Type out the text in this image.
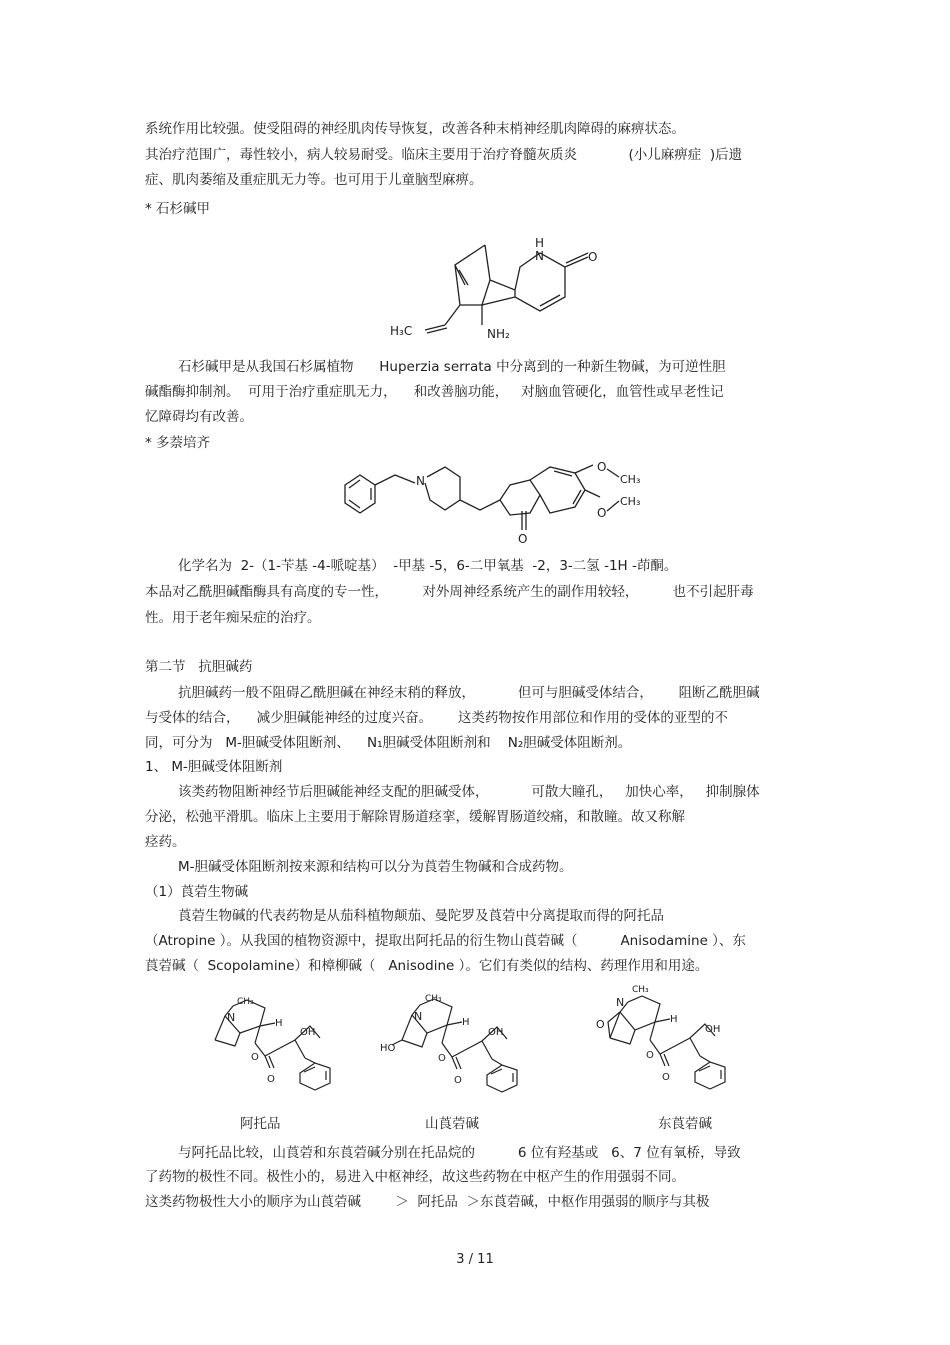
系统作用比较强。使受阻碍的神经肌肉传导恢复，改善各种末梢神经肌肉障碍的麻痹状态。
其治疗范围广，毒性较小，病人较易耐受。临床主要用于治疗脊髓灰质炎            (小儿麻痹症  )后遗
症、肌肉萎缩及重症肌无力等。也可用于儿童脑型麻痹。
* 石杉碱甲
H₃C	NH₂
N
H
O
石杉碱甲是从我国石杉属植物      Huperzia serrata 中分离到的一种新生物碱，为可逆性胆
碱酯酶抑制剂。  可用于治疗重症肌无力，    和改善脑功能，   对脑血管硬化，血管性或早老性记
忆障碍均有改善。
* 多萘培齐
N
O
O
CH₃
O
CH₃
化学名为  2-（1-苄基 -4-哌啶基）  -甲基 -5，6-二甲氧基  -2，3-二氢 -1H -茚酮。
本品对乙酰胆碱酯酶具有高度的专一性，        对外周神经系统产生的副作用较轻，        也不引起肝毒
性。用于老年痴呆症的治疗。
第二节   抗胆碱药
抗胆碱药一般不阻碍乙酰胆碱在神经末稍的释放，          但可与胆碱受体结合，      阻断乙酰胆碱
与受体的结合，    减少胆碱能神经的过度兴奋。      这类药物按作用部位和作用的受体的亚型的不
同，可分为   M-胆碱受体阻断剂、    N₁胆碱受体阻断剂和    N₂胆碱受体阻断剂。
1、 M-胆碱受体阻断剂
该类药物阻断神经节后胆碱能神经支配的胆碱受体，          可散大瞳孔，   加快心率，   抑制腺体
分泌，松弛平滑肌。临床上主要用于解除胃肠道痉挛，缓解胃肠道绞痛，和散瞳。故又称解
痉药。
M-胆碱受体阻断剂按来源和结构可以分为莨菪生物碱和合成药物。
（1）莨菪生物碱
莨菪生物碱的代表药物是从茄科植物颠茄、曼陀罗及莨菪中分离提取而得的阿托品
（Atropine ）。从我国的植物资源中，提取出阿托品的衍生物山莨菪碱（          Anisodamine ）、东
莨菪碱（  Scopolamine）和樟柳碱（   Anisodine ）。它们有类似的结构、药理作用和用途。
N
CH₃
H
OH
O
O
N
CH₃
H
OH
HO
O
O
N
CH₃
H
OH
O
O
O
阿托品	山莨菪碱	东莨菪碱
与阿托品比较，山莨菪和东莨菪碱分别在托品烷的          6 位有羟基或   6、7 位有氧桥，导致
了药物的极性不同。极性小的，易进入中枢神经，故这些药物在中枢产生的作用强弱不同。
这类药物极性大小的顺序为山莨菪碱        ＞  阿托品  ＞东莨菪碱，中枢作用强弱的顺序与其极
3 / 11
